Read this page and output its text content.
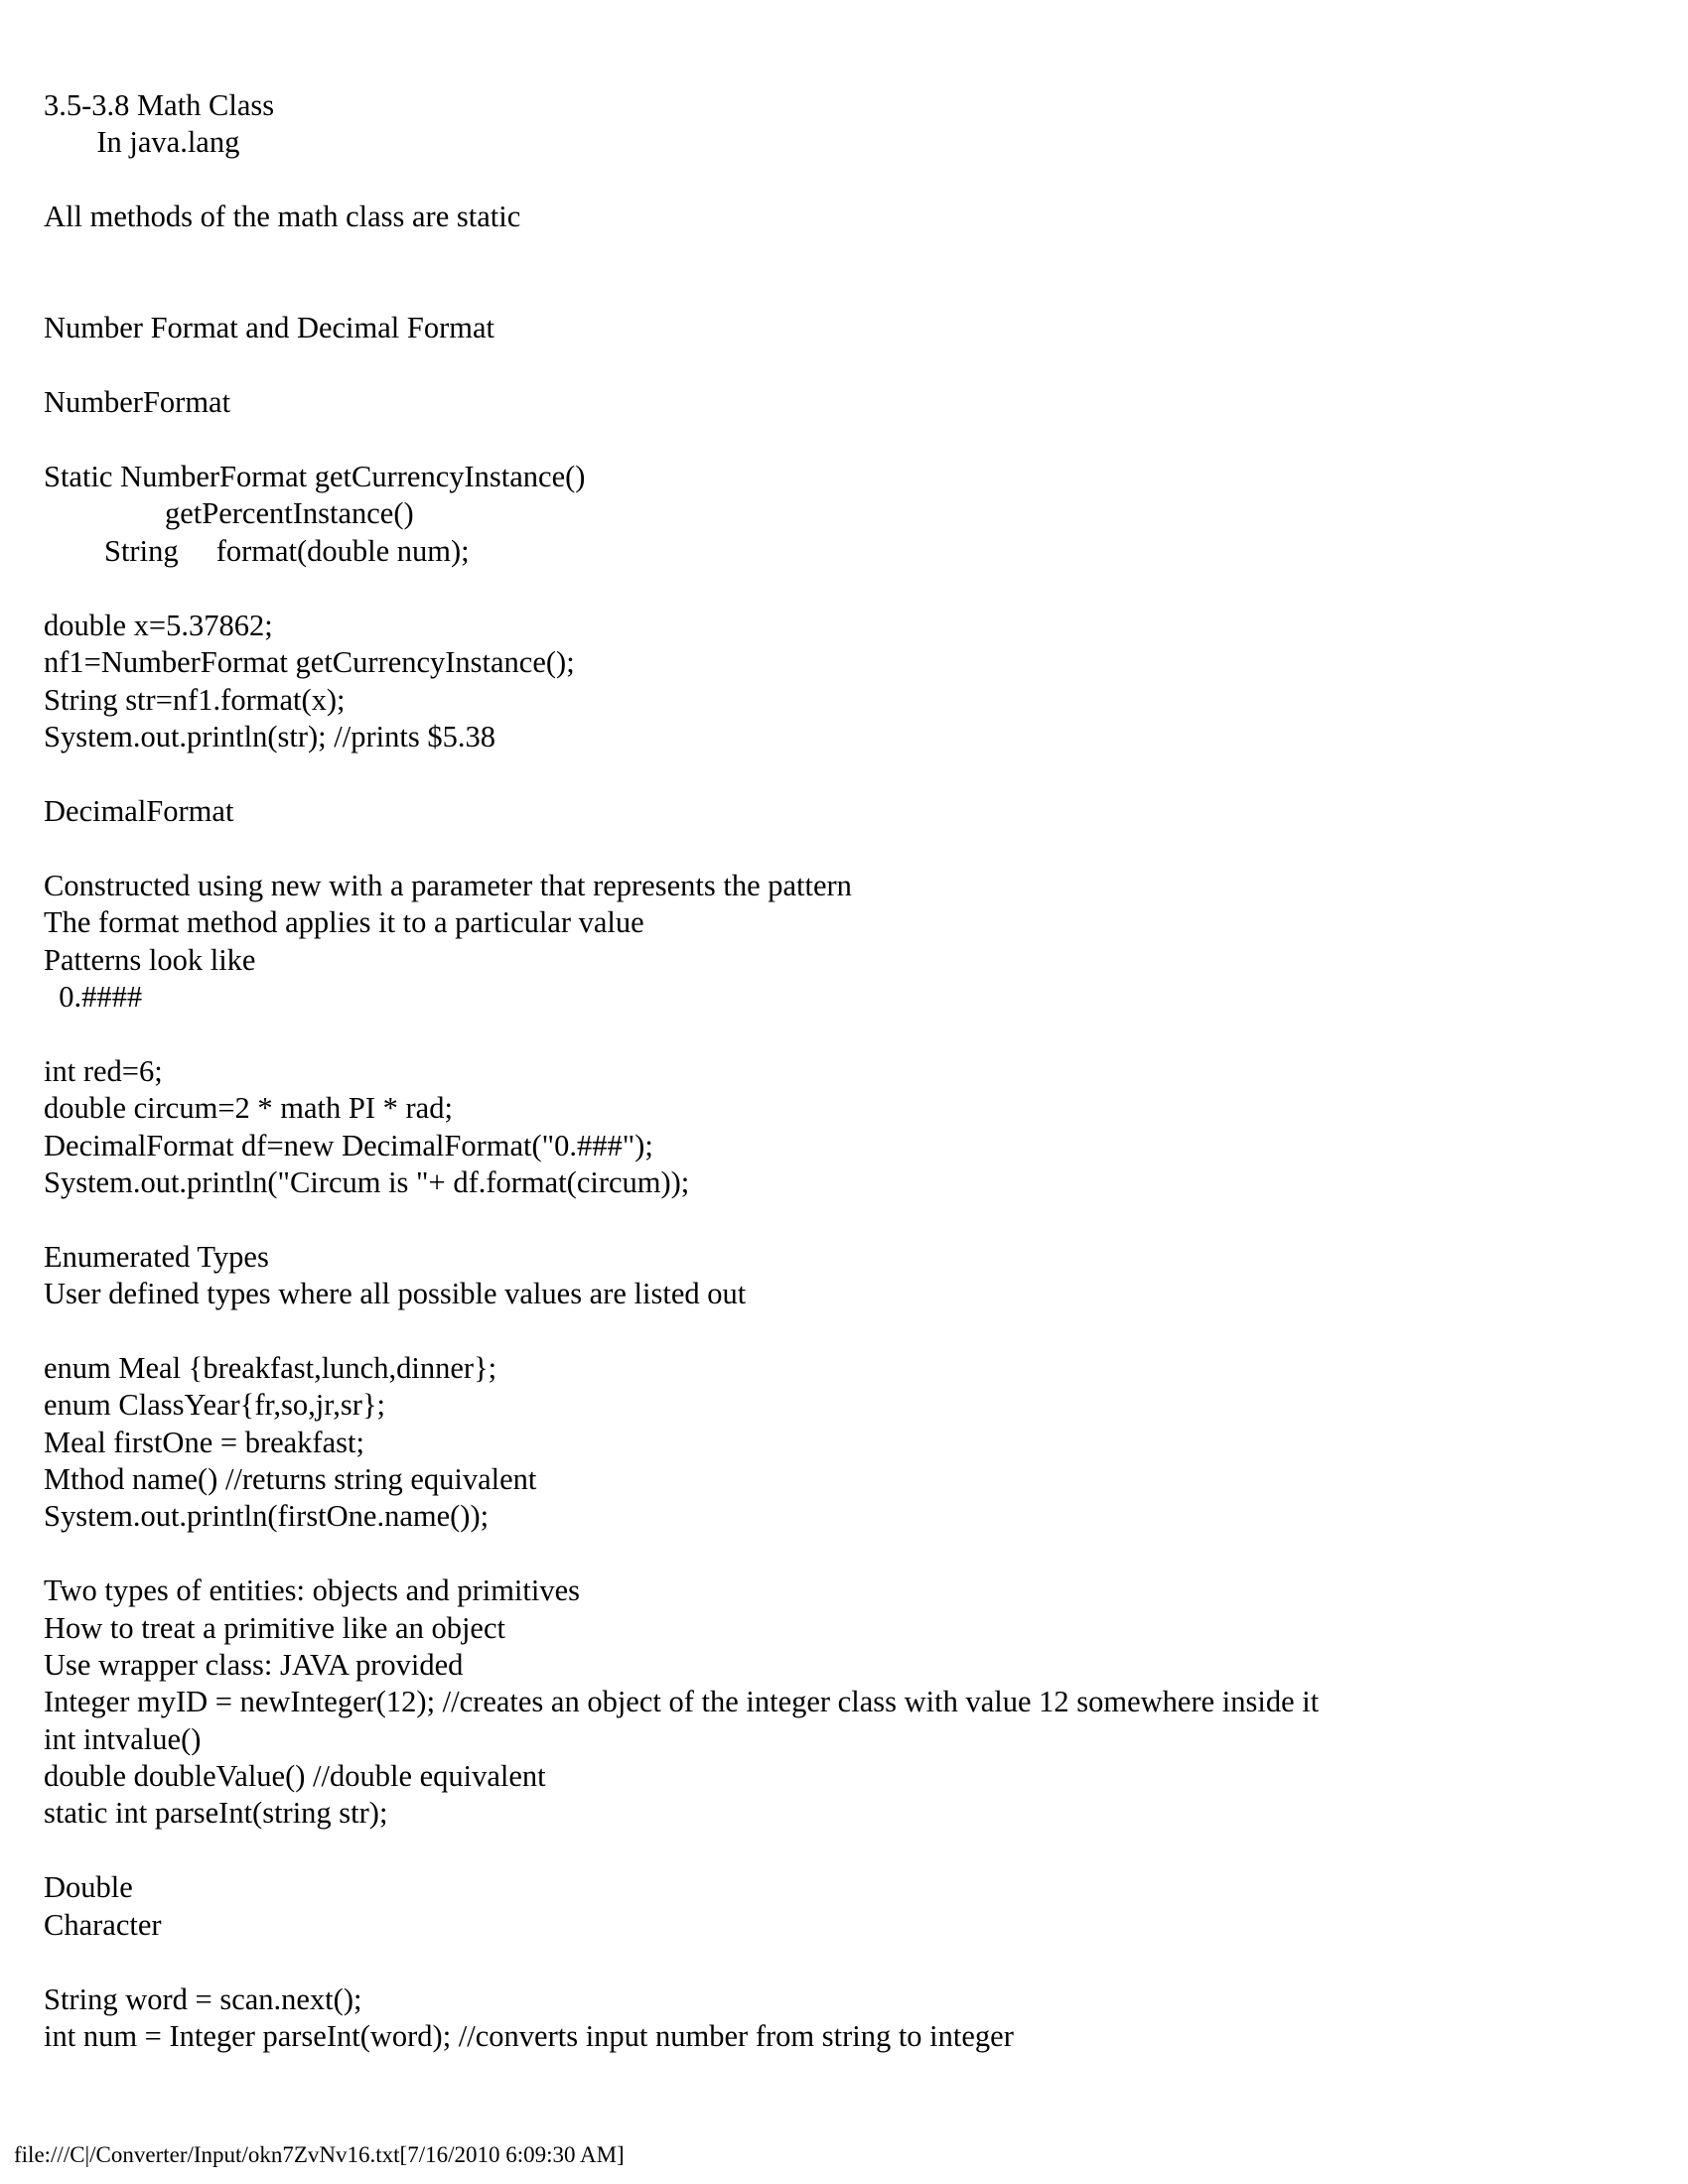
3.5-3.8 Math Class

In java.lang

All methods of the math class are static

Number Format and Decimal Format

NumberFormat

Static NumberFormat getCurrencyInstance()

getPercentInstance()

String     format(double num);

double x=5.37862;

nf1=NumberFormat getCurrencyInstance();

String str=nf1.format(x);

System.out.println(str); //prints $5.38

DecimalFormat

Constructed using new with a parameter that represents the pattern

The format method applies it to a particular value

Patterns look like

0.####

int red=6;

double circum=2 * math PI * rad;

DecimalFormat df=new DecimalFormat("0.###");

System.out.println("Circum is "+ df.format(circum));

Enumerated Types

User defined types where all possible values are listed out

enum Meal {breakfast,lunch,dinner};

enum ClassYear{fr,so,jr,sr};

Meal firstOne = breakfast;

Mthod name() //returns string equivalent

System.out.println(firstOne.name());

Two types of entities: objects and primitives

How to treat a primitive like an object

Use wrapper class: JAVA provided

Integer myID = newInteger(12); //creates an object of the integer class with value 12 somewhere inside it

int intvalue()

double doubleValue() //double equivalent

static int parseInt(string str);

Double

Character

String word = scan.next();

int num = Integer parseInt(word); //converts input number from string to integer

file:///C|/Converter/Input/okn7ZvNv16.txt[7/16/2010 6:09:30 AM]
